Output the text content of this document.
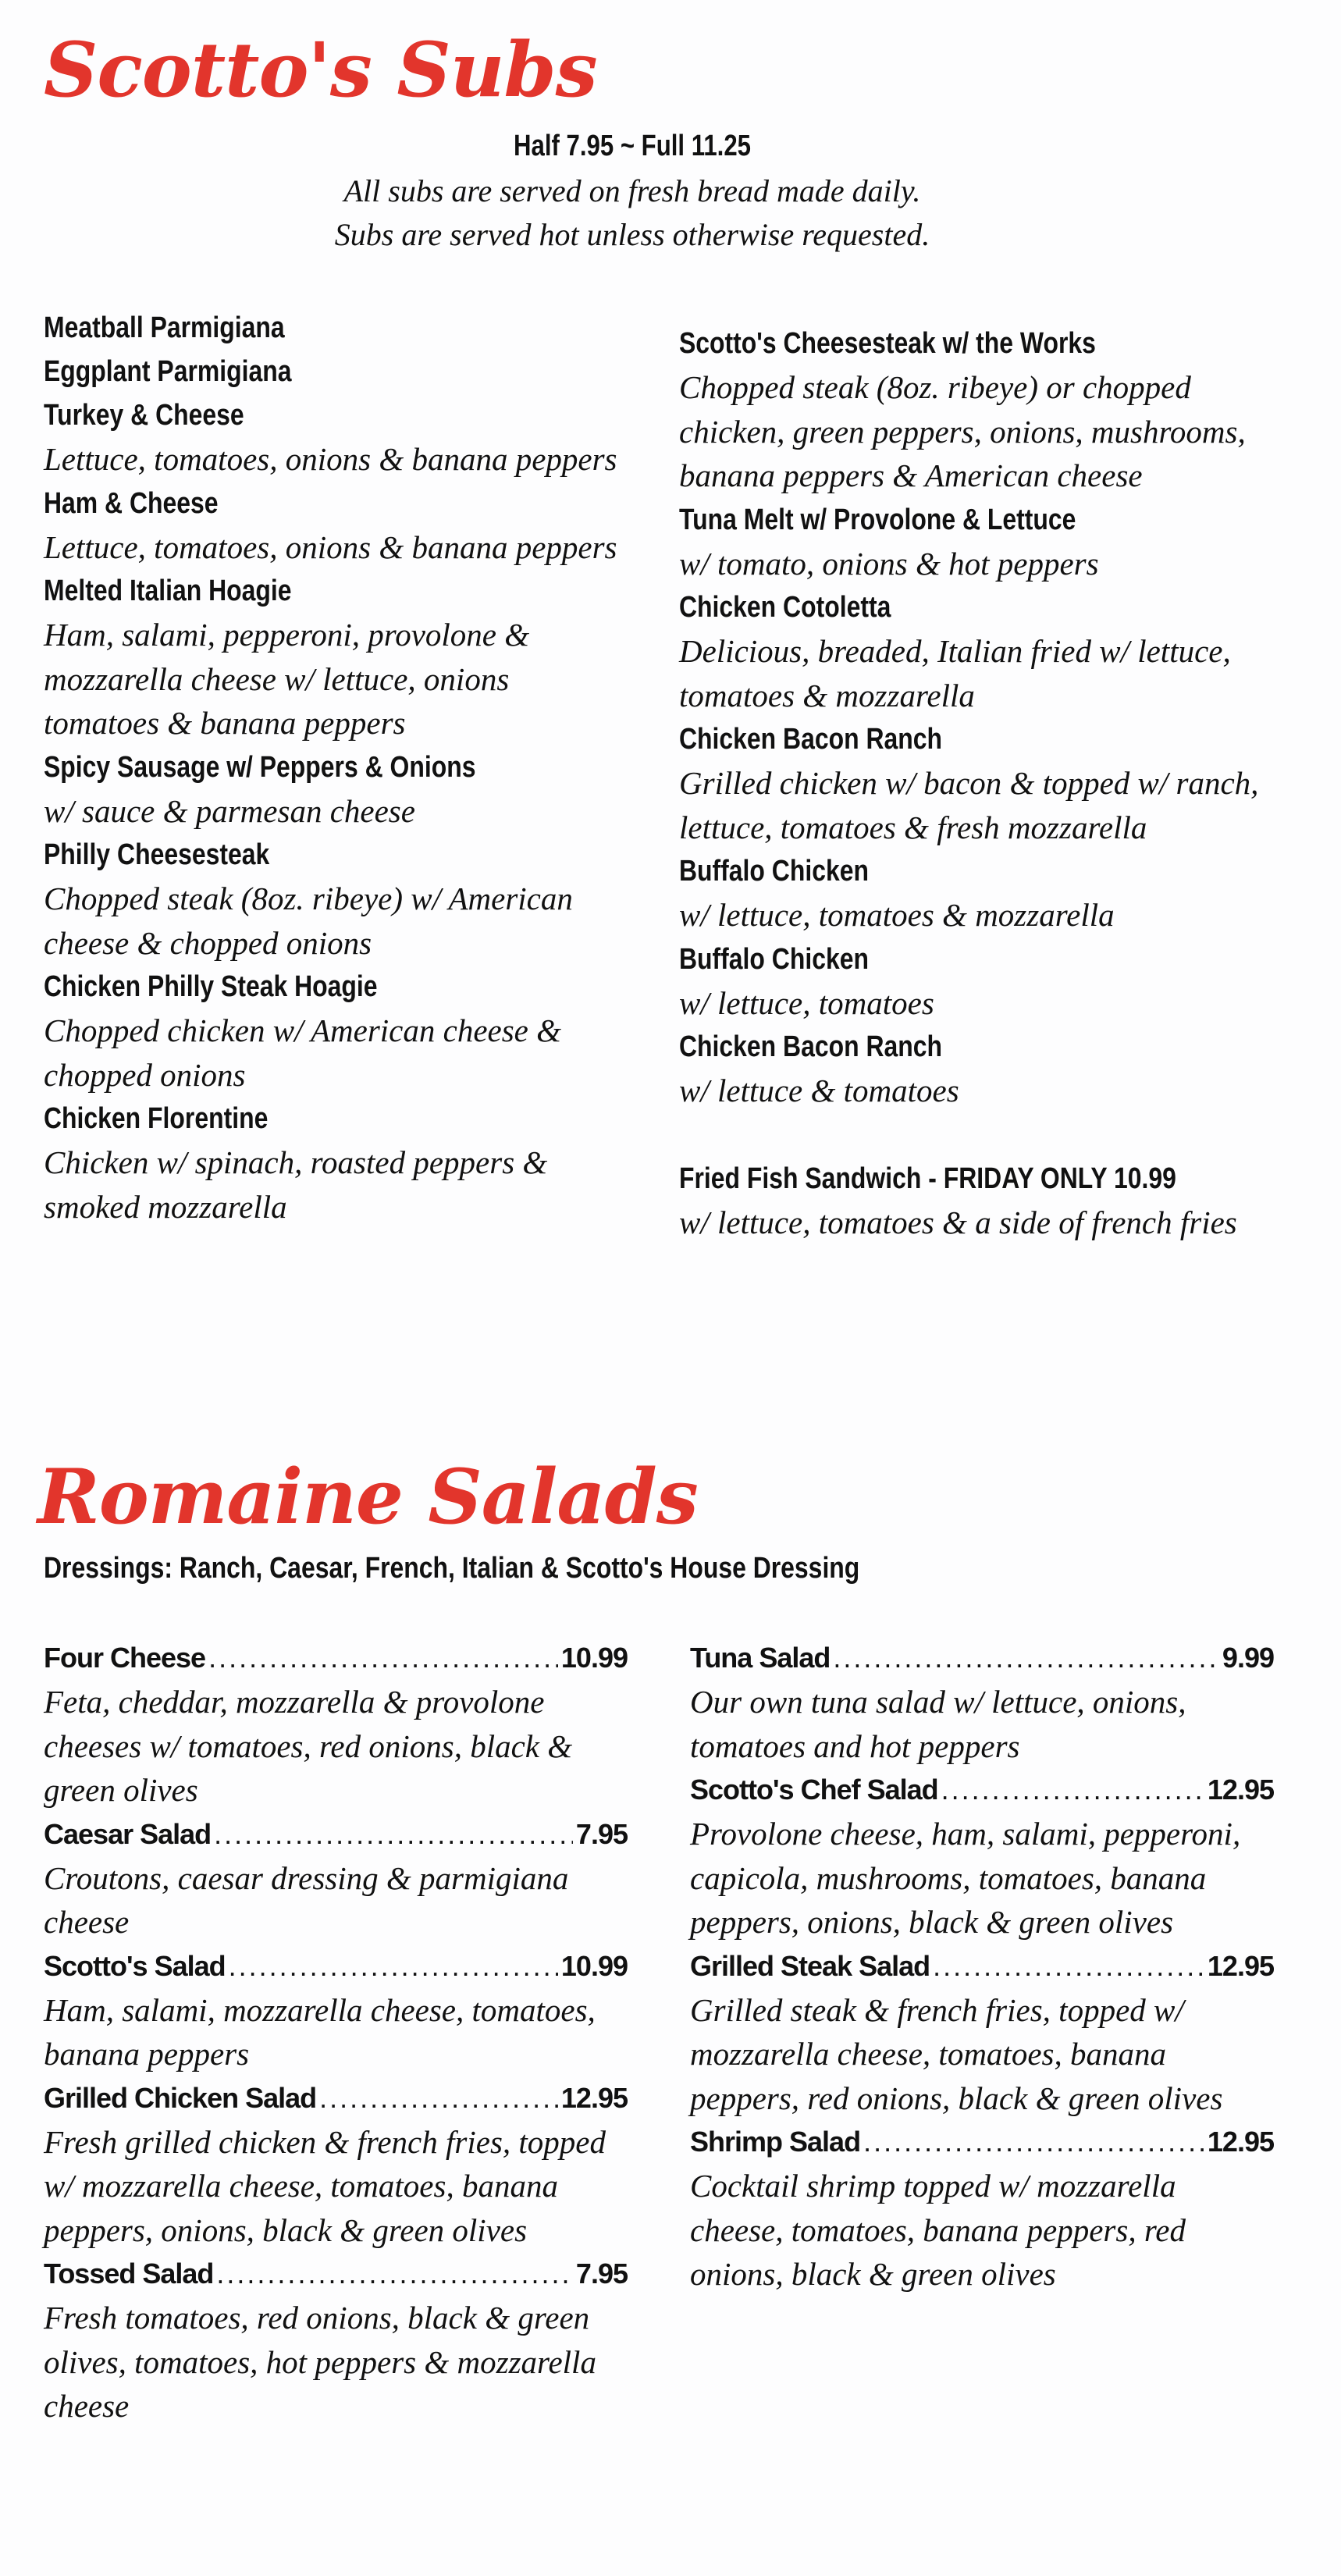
Scotto's Subs
Half 7.95 ~ Full 11.25
All subs are served on fresh bread made daily.
Subs are served hot unless otherwise requested.
Meatball Parmigiana
Eggplant Parmigiana
Turkey & Cheese
Lettuce, tomatoes, onions & banana peppers
Ham & Cheese
Lettuce, tomatoes, onions & banana peppers
Melted Italian Hoagie
Ham, salami, pepperoni, provolone & mozzarella cheese w/ lettuce, onions tomatoes & banana peppers
Spicy Sausage w/ Peppers & Onions
w/ sauce & parmesan cheese
Philly Cheesesteak
Chopped steak (8oz. ribeye) w/ American cheese & chopped onions
Chicken Philly Steak Hoagie
Chopped chicken w/ American cheese & chopped onions
Chicken Florentine
Chicken w/ spinach, roasted peppers & smoked mozzarella
Scotto's Cheesesteak w/ the Works
Chopped steak (8oz. ribeye) or chopped chicken, green peppers, onions, mushrooms, banana peppers & American cheese
Tuna Melt w/ Provolone & Lettuce
w/ tomato, onions & hot peppers
Chicken Cotoletta
Delicious, breaded, Italian fried w/ lettuce, tomatoes & mozzarella
Chicken Bacon Ranch
Grilled chicken w/ bacon & topped w/ ranch, lettuce, tomatoes & fresh mozzarella
Buffalo Chicken
w/ lettuce, tomatoes & mozzarella
Buffalo Chicken
w/ lettuce, tomatoes
Chicken Bacon Ranch
w/ lettuce & tomatoes
Fried Fish Sandwich - FRIDAY ONLY 10.99
w/ lettuce, tomatoes & a side of french fries
Romaine Salads
Dressings: Ranch, Caesar, French, Italian & Scotto's House Dressing
Four Cheese .....	10.99
Feta, cheddar, mozzarella & provolone cheeses w/ tomatoes, red onions, black & green olives
Caesar Salad .....	7.95
Croutons, caesar dressing & parmigiana cheese
Scotto's Salad .....	10.99
Ham, salami, mozzarella cheese, tomatoes, banana peppers
Grilled Chicken Salad .....	12.95
Fresh grilled chicken & french fries, topped w/ mozzarella cheese, tomatoes, banana peppers, onions, black & green olives
Tossed Salad .....	7.95
Fresh tomatoes, red onions, black & green olives, tomatoes, hot peppers & mozzarella cheese
Tuna Salad .....	9.99
Our own tuna salad w/ lettuce, onions, tomatoes and hot peppers
Scotto's Chef Salad .....	12.95
Provolone cheese, ham, salami, pepperoni, capicola, mushrooms, tomatoes, banana peppers, onions, black & green olives
Grilled Steak Salad .....	12.95
Grilled steak & french fries, topped w/ mozzarella cheese, tomatoes, banana peppers, red onions, black & green olives
Shrimp Salad .....	12.95
Cocktail shrimp topped w/ mozzarella cheese, tomatoes, banana peppers, red onions, black & green olives
